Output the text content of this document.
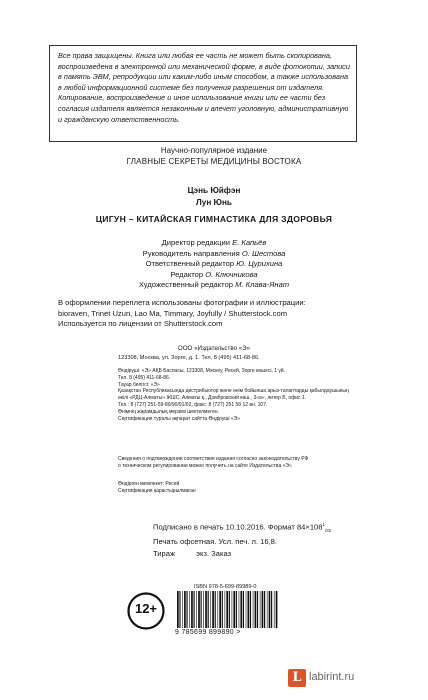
Все права защищены. Книга или любая ее часть не может быть скопирована, воспроизведена в электронной или механической форме, в виде фотокопии, записи в память ЭВМ, репродукции или каким-либо иным способом, а также использована в любой информационной системе без получения разрешения от издателя. Копирование, воспроизведение и иное использование книги или ее части без согласия издателя является незаконным и влечет уголовную, административную и гражданскую ответственность.

Научно-популярное издание
ГЛАВНЫЕ СЕКРЕТЫ МЕДИЦИНЫ ВОСТОКА
Цэнь Юйфэн
Лун Юнь
ЦИГУН – КИТАЙСКАЯ ГИМНАСТИКА ДЛЯ ЗДОРОВЬЯ
Директор редакции Е. Капьёв
Руководитель направления О. Шестова
Ответственный редактор Ю. Цурихина
Редактор О. Ключникова
Художественный редактор М. Клава-Янат
В оформлении переплета использованы фотографии и иллюстрации:
bioraven, Trinet Uzun, Lao Ma, Timmary, Joyfully / Shutterstock.com
Используется по лицензии от Shutterstock.com
ООО «Издательство «Э»
123308, Москва, ул. Зорге, д. 1. Тел. 8 (495) 411-68-86.
Өндіруші: «Э» АҚБ Баспасы, 123308, Мәскеу, Ресей, Зорге көшесі, 1 үй.
Тел. 8 (495) 411-68-86.
Тауар белгісі: «Э»
Қазақстан Республикасында дистрибьютор және өнім бойынша арыз-талаптарды қабылдаушының
өкілі «РДЦ-Алматы» ЖШС, Алматы қ., Домбровский көш., 3«а», литер Б, офис 1.
Тел.: 8 (727) 251-59-89/90/91/92, факс: 8 (727) 251 58 12 вн. 107.
Өнімнің жарамдылық мерзімі шектелмеген.
Сертификация туралы ақпарат сайтта Өндіруші «Э»
Сведения о подтверждении соответствия издания согласно законодательству РФ
о техническом регулировании можно получить на сайте Издательства «Э»
Өндірген мемлекет: Ресей
Сертификация қарастырылмаған
Подписано в печать 10.10.2016. Формат $84\times 108^1_{/32}$
Печать офсетная. Усл. печ. л. 16,8.
Тираж          экз. Заказ
12+
ISBN 978-5-699-89989-0
9 785699 899890 >
L labirint.ru
